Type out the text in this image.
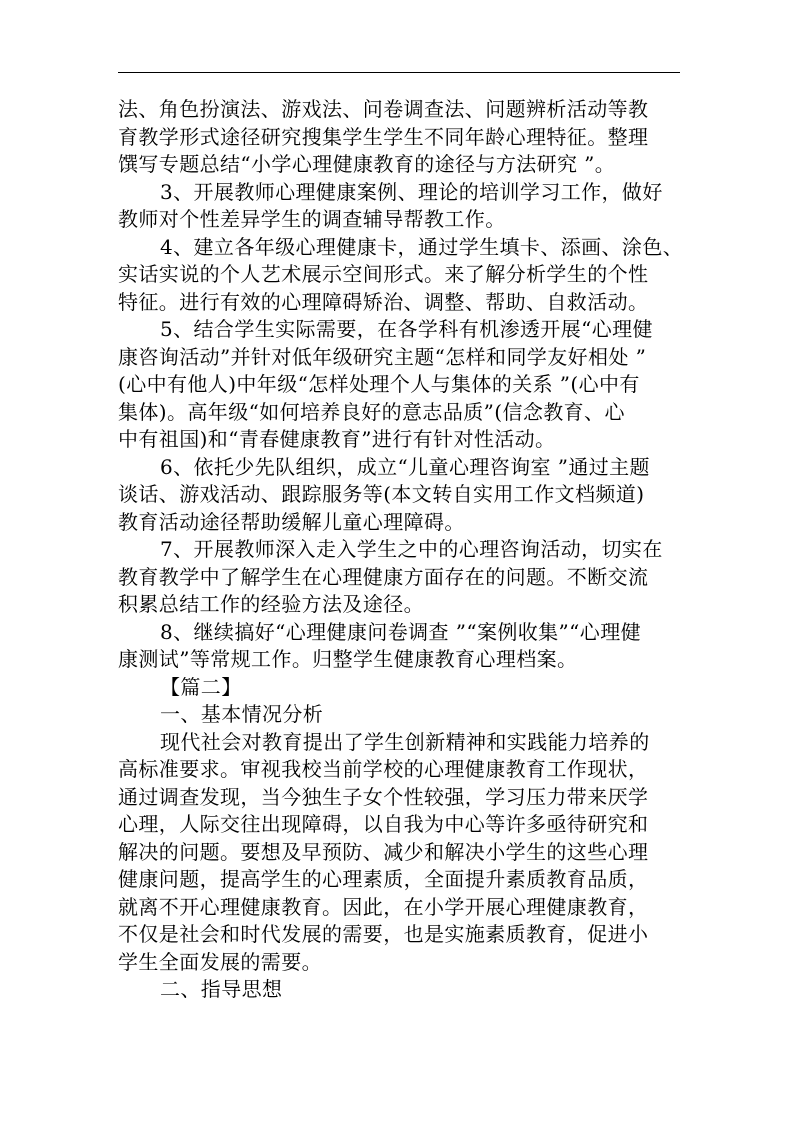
法、角色扮演法、游戏法、问卷调查法、问题辨析活动等教
育教学形式途径研究搜集学生学生不同年龄心理特征。整理
馔写专题总结“小学心理健康教育的途径与方法研究 ”。
3、开展教师心理健康案例、理论的培训学习工作，做好
教师对个性差异学生的调查辅导帮教工作。
4、建立各年级心理健康卡，通过学生填卡、添画、涂色、
实话实说的个人艺术展示空间形式。来了解分析学生的个性
特征。进行有效的心理障碍矫治、调整、帮助、自救活动。
5、结合学生实际需要，在各学科有机渗透开展“心理健
康咨询活动”并针对低年级研究主题“怎样和同学友好相处 ”
(心中有他人)中年级“怎样处理个人与集体的关系 ”(心中有
集体)。高年级“如何培养良好的意志品质”(信念教育、心
中有祖国)和“青春健康教育”进行有针对性活动。
6、依托少先队组织，成立“儿童心理咨询室 ”通过主题
谈话、游戏活动、跟踪服务等(本文转自实用工作文档频道)
教育活动途径帮助缓解儿童心理障碍。
7、开展教师深入走入学生之中的心理咨询活动，切实在
教育教学中了解学生在心理健康方面存在的问题。不断交流
积累总结工作的经验方法及途径。
8、继续搞好“心理健康问卷调查 ”“案例收集”“心理健
康测试”等常规工作。归整学生健康教育心理档案。
【篇二】
一、基本情况分析
现代社会对教育提出了学生创新精神和实践能力培养的
高标准要求。审视我校当前学校的心理健康教育工作现状，
通过调查发现，当今独生子女个性较强，学习压力带来厌学
心理，人际交往出现障碍，以自我为中心等许多亟待研究和
解决的问题。要想及早预防、减少和解决小学生的这些心理
健康问题，提高学生的心理素质，全面提升素质教育品质，
就离不开心理健康教育。因此，在小学开展心理健康教育，
不仅是社会和时代发展的需要，也是实施素质教育，促进小
学生全面发展的需要。
二、指导思想
